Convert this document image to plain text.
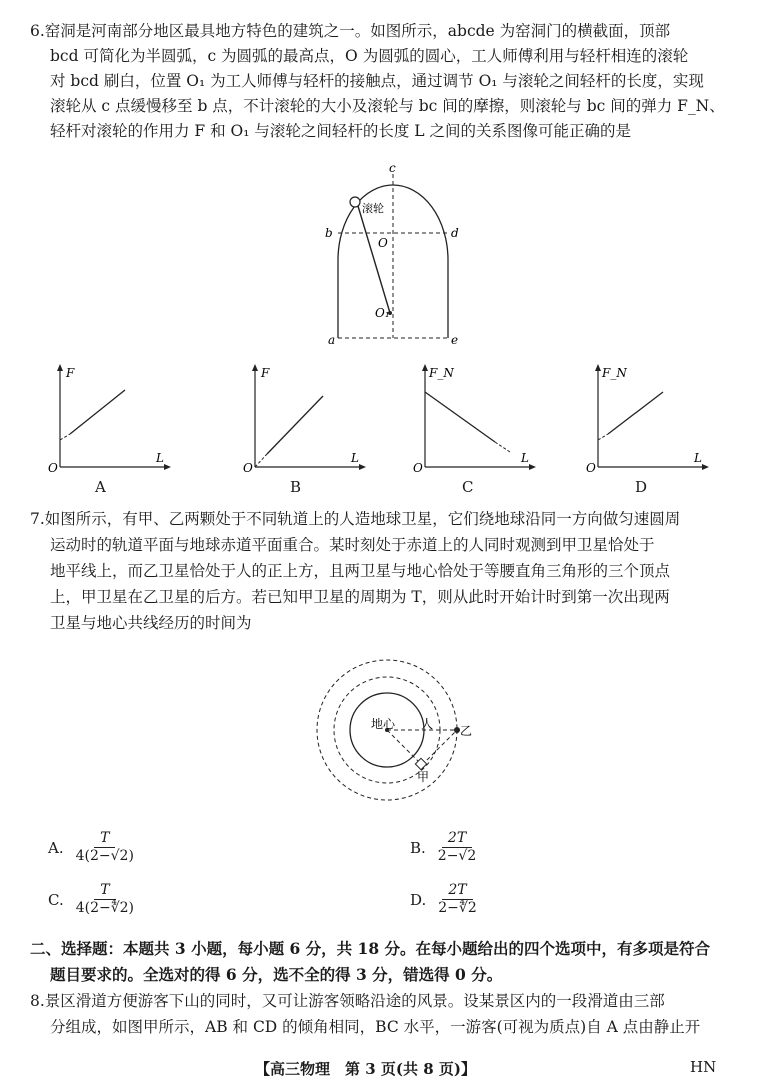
6.窑洞是河南部分地区最具地方特色的建筑之一。如图所示，abcde 为窑洞门的横截面，顶部
bcd 可简化为半圆弧，c 为圆弧的最高点，O 为圆弧的圆心，工人师傅利用与轻杆相连的滚轮
对 bcd 刷白，位置 O₁ 为工人师傅与轻杆的接触点，通过调节 O₁ 与滚轮之间轻杆的长度，实现
滚轮从 c 点缓慢移至 b 点，不计滚轮的大小及滚轮与 bc 间的摩擦，则滚轮与 bc 间的弹力 F_N、
轻杆对滚轮的作用力 F 和 O₁ 与滚轮之间轻杆的长度 L 之间的关系图像可能正确的是
c
b	d
O
O₁
a	e
滚轮
F
L
O
A
F
L
O
B
F_N
L
O
C
F_N
L
O
D
7.如图所示，有甲、乙两颗处于不同轨道上的人造地球卫星，它们绕地球沿同一方向做匀速圆周
运动时的轨道平面与地球赤道平面重合。某时刻处于赤道上的人同时观测到甲卫星恰处于
地平线上，而乙卫星恰处于人的正上方，且两卫星与地心恰处于等腰直角三角形的三个顶点
上，甲卫星在乙卫星的后方。若已知甲卫星的周期为 T，则从此时开始计时到第一次出现两
卫星与地心共线经历的时间为
地心 人 乙
甲
A. $\frac{T}{4(2-√2)}$	B. $\frac{2T}{2-√2}$
C. $\frac{T}{4(2-∜2)}$	D. $\frac{2T}{2-∜2}$
二、选择题：本题共 3 小题，每小题 6 分，共 18 分。在每小题给出的四个选项中，有多项是符合
题目要求的。全选对的得 6 分，选不全的得 3 分，错选得 0 分。
8.景区滑道方便游客下山的同时，又可让游客领略沿途的风景。设某景区内的一段滑道由三部
分组成，如图甲所示，AB 和 CD 的倾角相同，BC 水平，一游客(可视为质点)自 A 点由静止开
【高三物理　第 3 页(共 8 页)】	HN
